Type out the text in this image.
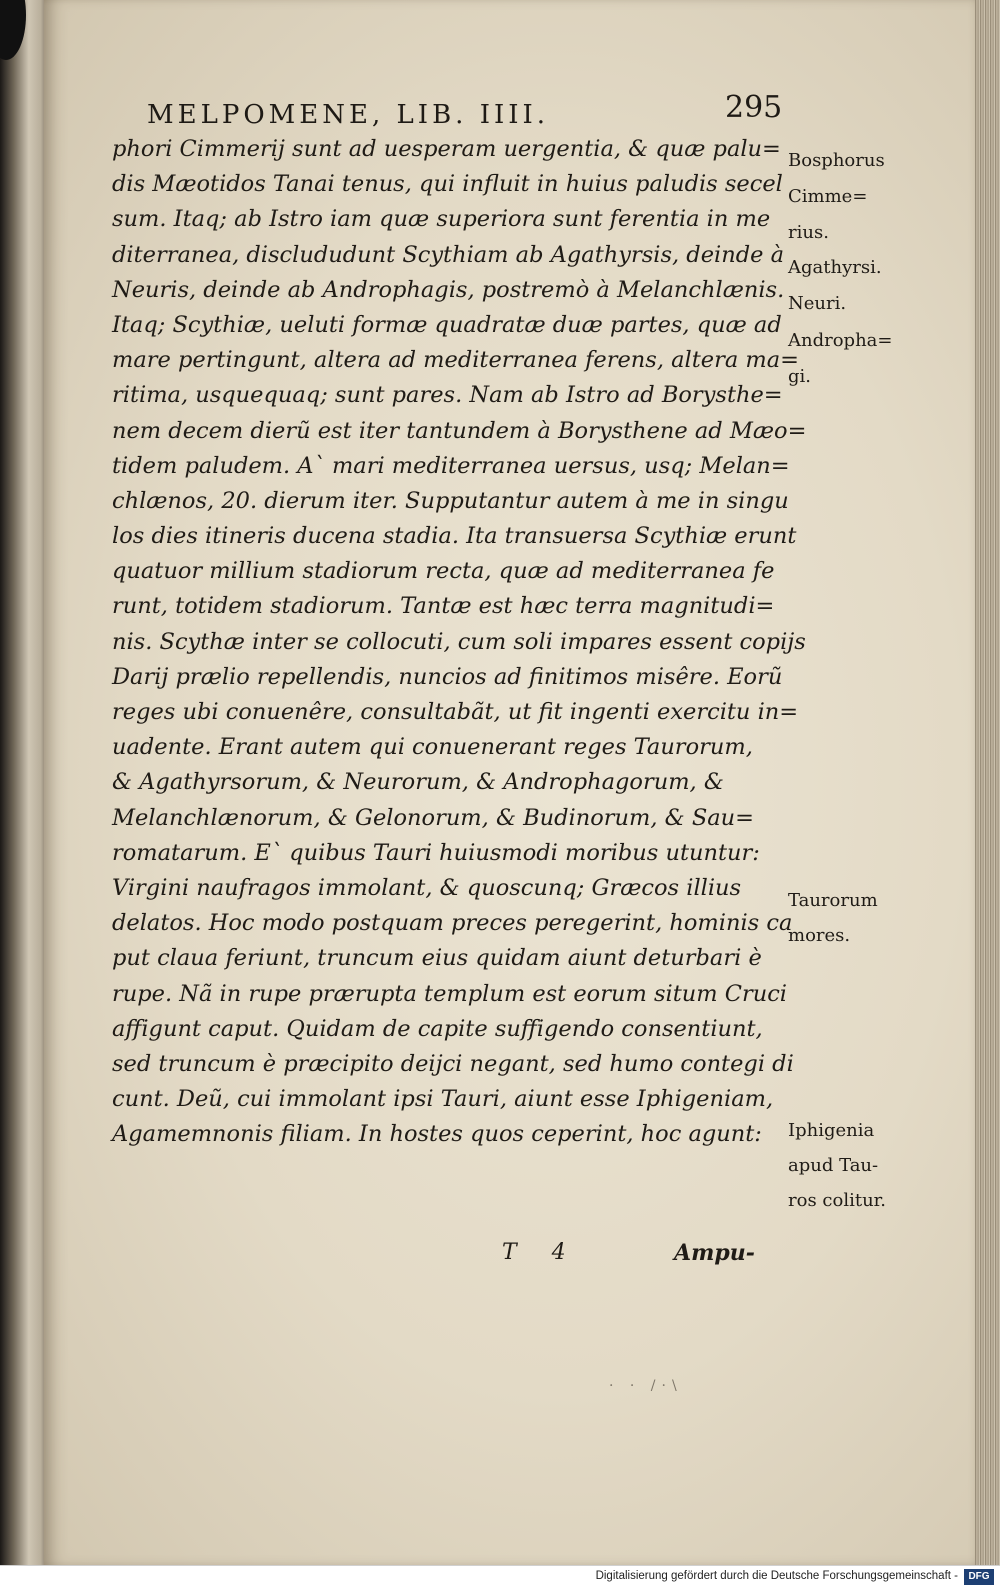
MELPOMENE, LIB. IIII.	295
phori Cimmerij sunt ad uesperam uergentia, & quæ palu=
dis Mæotidos Tanai tenus, qui influit in huius paludis secel
sum. Itaq; ab Istro iam quæ superiora sunt ferentia in me
diterranea, disclududunt Scythiam ab Agathyrsis, deinde à
Neuris, deinde ab Androphagis, postremò à Melanchlænis.
Itaq; Scythiæ, ueluti formæ quadratæ duæ partes, quæ ad
mare pertingunt, altera ad mediterranea ferens, altera ma=
ritima, usquequaq; sunt pares. Nam ab Istro ad Borysthe=
nem decem dierũ est iter tantundem à Borysthene ad Mæo=
tidem paludem. A` mari mediterranea uersus, usq; Melan=
chlænos, 20. dierum iter. Supputantur autem à me in singu
los dies itineris ducena stadia. Ita transuersa Scythiæ erunt
quatuor millium stadiorum recta, quæ ad mediterranea fe
runt, totidem stadiorum. Tantæ est hæc terra magnitudi=
nis. Scythæ inter se collocuti, cum soli impares essent copijs
Darij prælio repellendis, nuncios ad finitimos misêre. Eorũ
reges ubi conuenêre, consultabãt, ut fit ingenti exercitu in=
uadente. Erant autem qui conuenerant reges Taurorum,
& Agathyrsorum, & Neurorum, & Androphagorum, &
Melanchlænorum, & Gelonorum, & Budinorum, & Sau=
romatarum. E` quibus Tauri huiusmodi moribus utuntur:
Virgini naufragos immolant, & quoscunq; Græcos illius
delatos. Hoc modo postquam preces peregerint, hominis ca
put claua feriunt, truncum eius quidam aiunt deturbari è
rupe. Nã in rupe prærupta templum est eorum situm Cruci
affigunt caput. Quidam de capite suffigendo consentiunt,
sed truncum è præcipito deijci negant, sed humo contegi di
cunt. Deũ, cui immolant ipsi Tauri, aiunt esse Iphigeniam,
Agamemnonis filiam. In hostes quos ceperint, hoc agunt:
Bosphorus
Cimme=
rius.
Agathyrsi.
Neuri.
Andropha=
gi.
Taurorum
mores.
Iphigenia
apud Tau-
ros colitur.
T 4	Ampu-
· · /·\
Digitalisierung gefördert durch die Deutsche Forschungsgemeinschaft -	DFG
